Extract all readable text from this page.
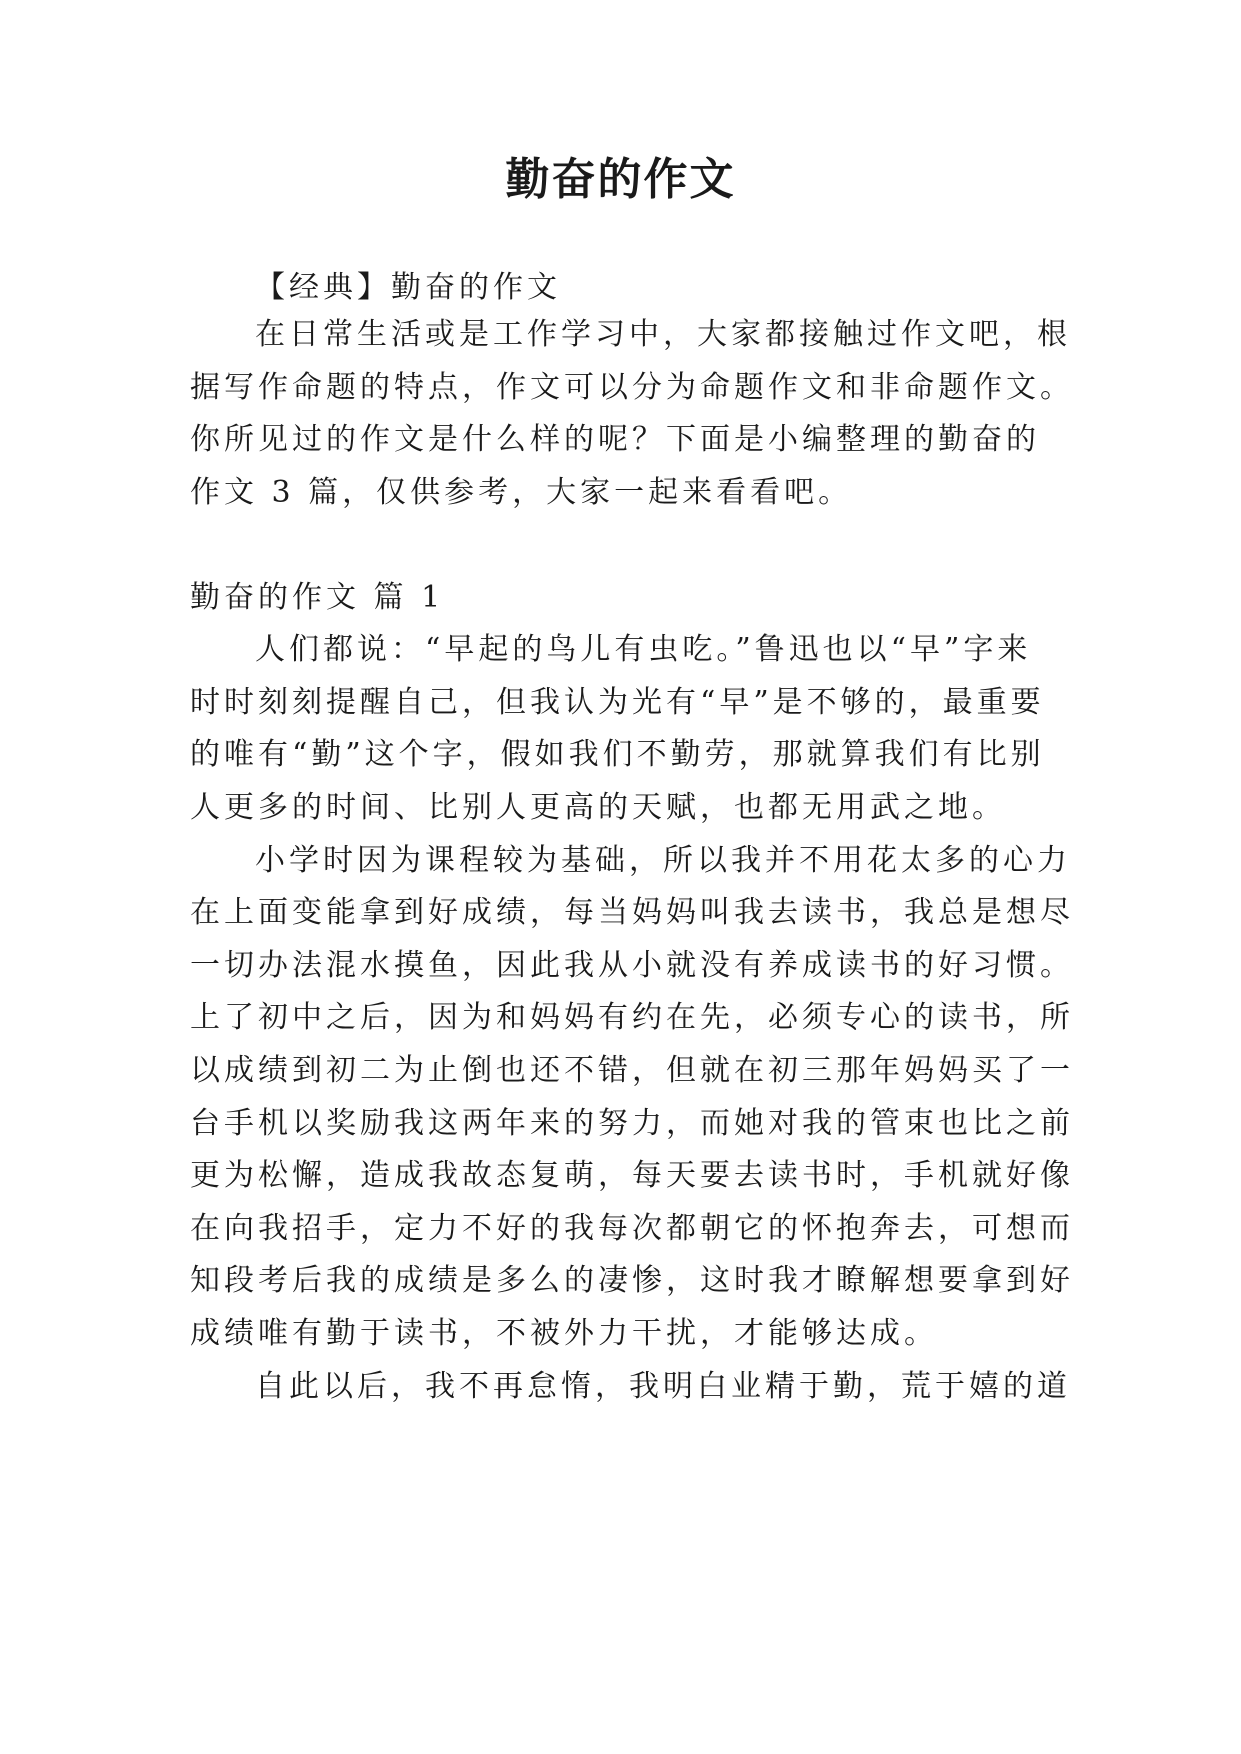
勤奋的作文
【经典】勤奋的作文
在日常生活或是工作学习中，大家都接触过作文吧，根
据写作命题的特点，作文可以分为命题作文和非命题作文。
你所见过的作文是什么样的呢？下面是小编整理的勤奋的
作文 3 篇，仅供参考，大家一起来看看吧。
勤奋的作文 篇 1
人们都说：“早起的鸟儿有虫吃。”鲁迅也以“早”字来
时时刻刻提醒自己，但我认为光有“早”是不够的，最重要
的唯有“勤”这个字，假如我们不勤劳，那就算我们有比别
人更多的时间、比别人更高的天赋，也都无用武之地。
小学时因为课程较为基础，所以我并不用花太多的心力
在上面变能拿到好成绩，每当妈妈叫我去读书，我总是想尽
一切办法混水摸鱼，因此我从小就没有养成读书的好习惯。
上了初中之后，因为和妈妈有约在先，必须专心的读书，所
以成绩到初二为止倒也还不错，但就在初三那年妈妈买了一
台手机以奖励我这两年来的努力，而她对我的管束也比之前
更为松懈，造成我故态复萌，每天要去读书时，手机就好像
在向我招手，定力不好的我每次都朝它的怀抱奔去，可想而
知段考后我的成绩是多么的凄惨，这时我才瞭解想要拿到好
成绩唯有勤于读书，不被外力干扰，才能够达成。
自此以后，我不再怠惰，我明白业精于勤，荒于嬉的道
